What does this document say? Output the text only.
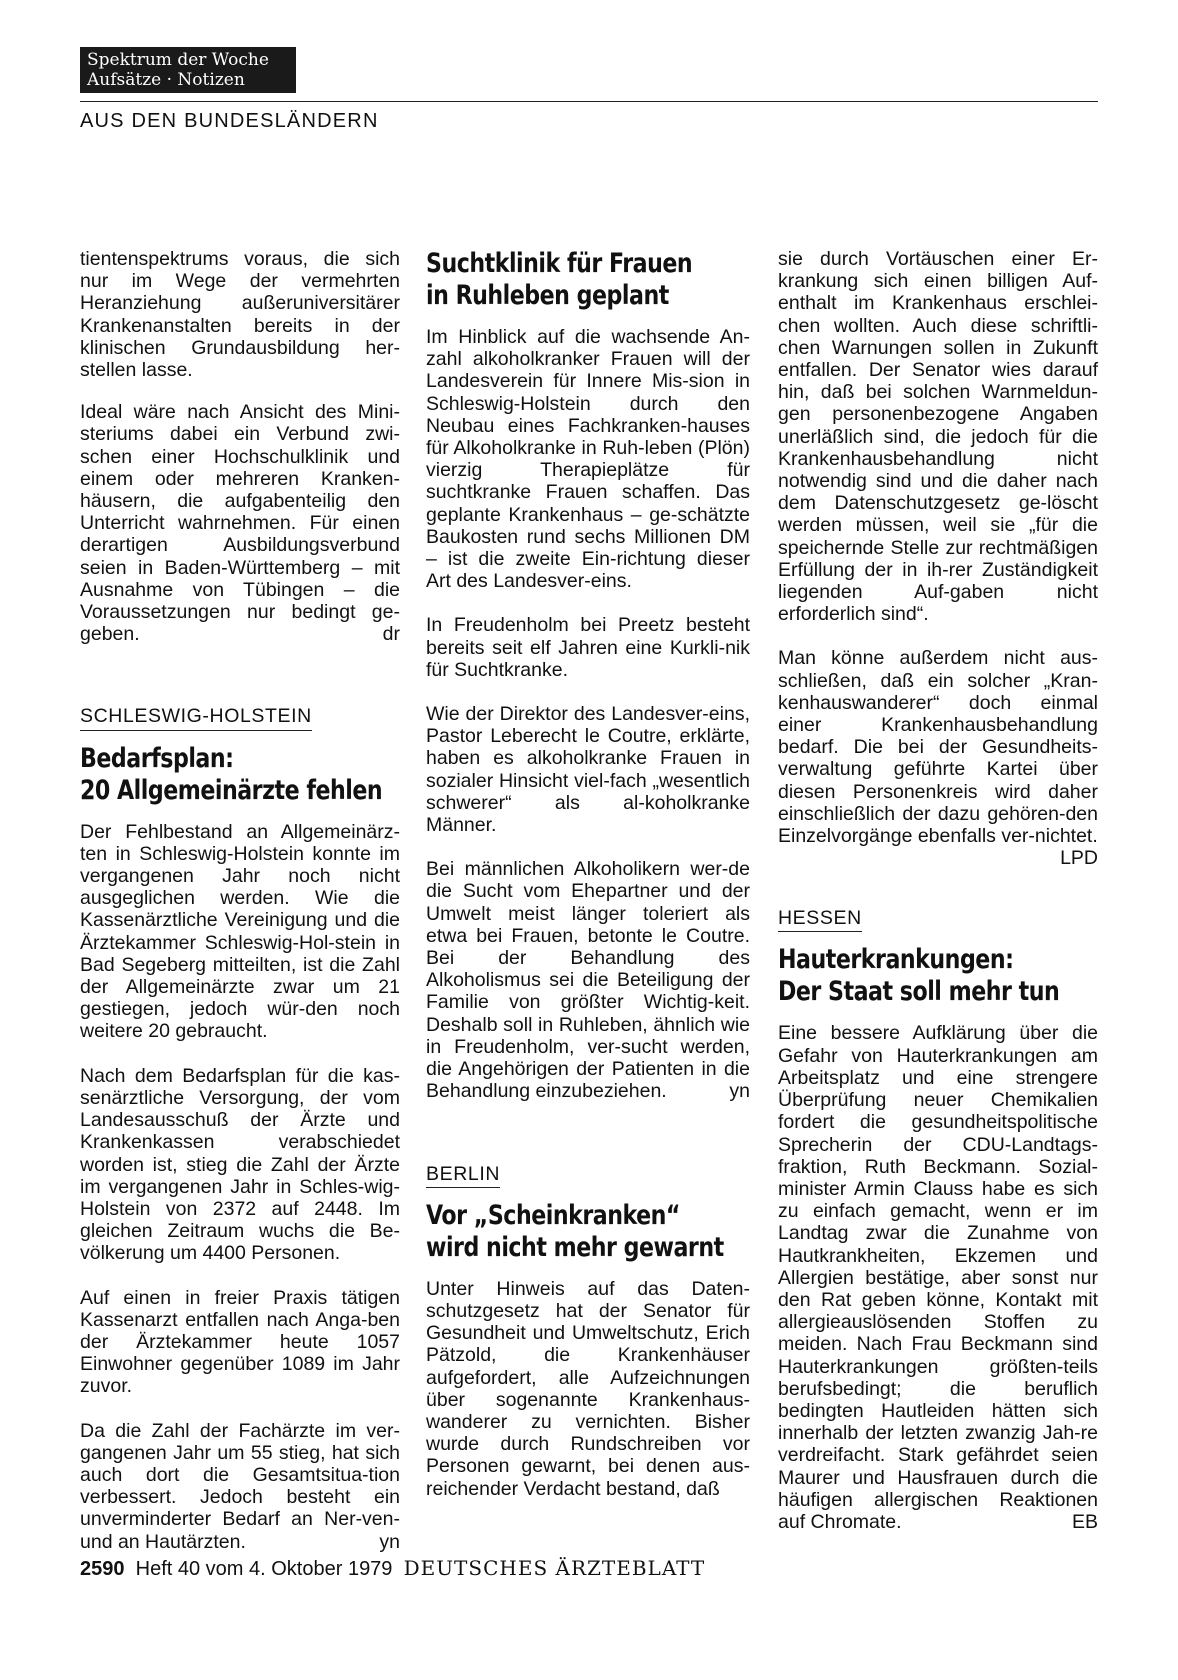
Spektrum der Woche
Aufsätze · Notizen
AUS DEN BUNDESLÄNDERN

tientenspektrums voraus, die sich nur im Wege der vermehrten Heranziehung außeruniversitärer Krankenanstalten bereits in der klinischen Grundausbildung her-stellen lasse.

Ideal wäre nach Ansicht des Mini-steriums dabei ein Verbund zwi-schen einer Hochschulklinik und einem oder mehreren Kranken-häusern, die aufgabenteilig den Unterricht wahrnehmen. Für einen derartigen Ausbildungsverbund seien in Baden-Württemberg – mit Ausnahme von Tübingen – die Voraussetzungen nur bedingt ge-geben.	dr

SCHLESWIG-HOLSTEIN
Bedarfsplan:
20 Allgemeinärzte fehlen

Der Fehlbestand an Allgemeinärz-ten in Schleswig-Holstein konnte im vergangenen Jahr noch nicht ausgeglichen werden. Wie die Kassenärztliche Vereinigung und die Ärztekammer Schleswig-Hol-stein in Bad Segeberg mitteilten, ist die Zahl der Allgemeinärzte zwar um 21 gestiegen, jedoch wür-den noch weitere 20 gebraucht.

Nach dem Bedarfsplan für die kas-senärztliche Versorgung, der vom Landesausschuß der Ärzte und Krankenkassen verabschiedet worden ist, stieg die Zahl der Ärzte im vergangenen Jahr in Schles-wig-Holstein von 2372 auf 2448. Im gleichen Zeitraum wuchs die Be-völkerung um 4400 Personen.

Auf einen in freier Praxis tätigen Kassenarzt entfallen nach Anga-ben der Ärztekammer heute 1057 Einwohner gegenüber 1089 im Jahr zuvor.

Da die Zahl der Fachärzte im ver-gangenen Jahr um 55 stieg, hat sich auch dort die Gesamtsitua-tion verbessert. Jedoch besteht ein unverminderter Bedarf an Ner-ven- und an Hautärzten.	yn

Suchtklinik für Frauen
in Ruhleben geplant

Im Hinblick auf die wachsende An-zahl alkoholkranker Frauen will der Landesverein für Innere Mis-sion in Schleswig-Holstein durch den Neubau eines Fachkranken-hauses für Alkoholkranke in Ruh-leben (Plön) vierzig Therapieplätze für suchtkranke Frauen schaffen. Das geplante Krankenhaus – ge-schätzte Baukosten rund sechs Millionen DM – ist die zweite Ein-richtung dieser Art des Landesver-eins.

In Freudenholm bei Preetz besteht bereits seit elf Jahren eine Kurkli-nik für Suchtkranke.

Wie der Direktor des Landesver-eins, Pastor Leberecht le Coutre, erklärte, haben es alkoholkranke Frauen in sozialer Hinsicht viel-fach „wesentlich schwerer“ als al-koholkranke Männer.

Bei männlichen Alkoholikern wer-de die Sucht vom Ehepartner und der Umwelt meist länger toleriert als etwa bei Frauen, betonte le Coutre. Bei der Behandlung des Alkoholismus sei die Beteiligung der Familie von größter Wichtig-keit. Deshalb soll in Ruhleben, ähnlich wie in Freudenholm, ver-sucht werden, die Angehörigen der Patienten in die Behandlung einzubeziehen.	yn

BERLIN
Vor „Scheinkranken“
wird nicht mehr gewarnt

Unter Hinweis auf das Daten-schutzgesetz hat der Senator für Gesundheit und Umweltschutz, Erich Pätzold, die Krankenhäuser aufgefordert, alle Aufzeichnungen über sogenannte Krankenhaus-wanderer zu vernichten. Bisher wurde durch Rundschreiben vor Personen gewarnt, bei denen aus-reichender Verdacht bestand, daß

sie durch Vortäuschen einer Er-krankung sich einen billigen Auf-enthalt im Krankenhaus erschlei-chen wollten. Auch diese schriftli-chen Warnungen sollen in Zukunft entfallen. Der Senator wies darauf hin, daß bei solchen Warnmeldun-gen personenbezogene Angaben unerläßlich sind, die jedoch für die Krankenhausbehandlung nicht notwendig sind und die daher nach dem Datenschutzgesetz ge-löscht werden müssen, weil sie „für die speichernde Stelle zur rechtmäßigen Erfüllung der in ih-rer Zuständigkeit liegenden Auf-gaben nicht erforderlich sind“.

Man könne außerdem nicht aus-schließen, daß ein solcher „Kran-kenhauswanderer“ doch einmal einer Krankenhausbehandlung bedarf. Die bei der Gesundheits-verwaltung geführte Kartei über diesen Personenkreis wird daher einschließlich der dazu gehören-den Einzelvorgänge ebenfalls ver-nichtet.
LPD

HESSEN
Hauterkrankungen:
Der Staat soll mehr tun

Eine bessere Aufklärung über die Gefahr von Hauterkrankungen am Arbeitsplatz und eine strengere Überprüfung neuer Chemikalien fordert die gesundheitspolitische Sprecherin der CDU-Landtags-fraktion, Ruth Beckmann. Sozial-minister Armin Clauss habe es sich zu einfach gemacht, wenn er im Landtag zwar die Zunahme von Hautkrankheiten, Ekzemen und Allergien bestätige, aber sonst nur den Rat geben könne, Kontakt mit allergieauslösenden Stoffen zu meiden. Nach Frau Beckmann sind Hauterkrankungen größten-teils berufsbedingt; die beruflich bedingten Hautleiden hätten sich innerhalb der letzten zwanzig Jah-re verdreifacht. Stark gefährdet seien Maurer und Hausfrauen durch die häufigen allergischen Reaktionen auf Chromate.	EB

2590 Heft 40 vom 4. Oktober 1979 DEUTSCHES ÄRZTEBLATT
